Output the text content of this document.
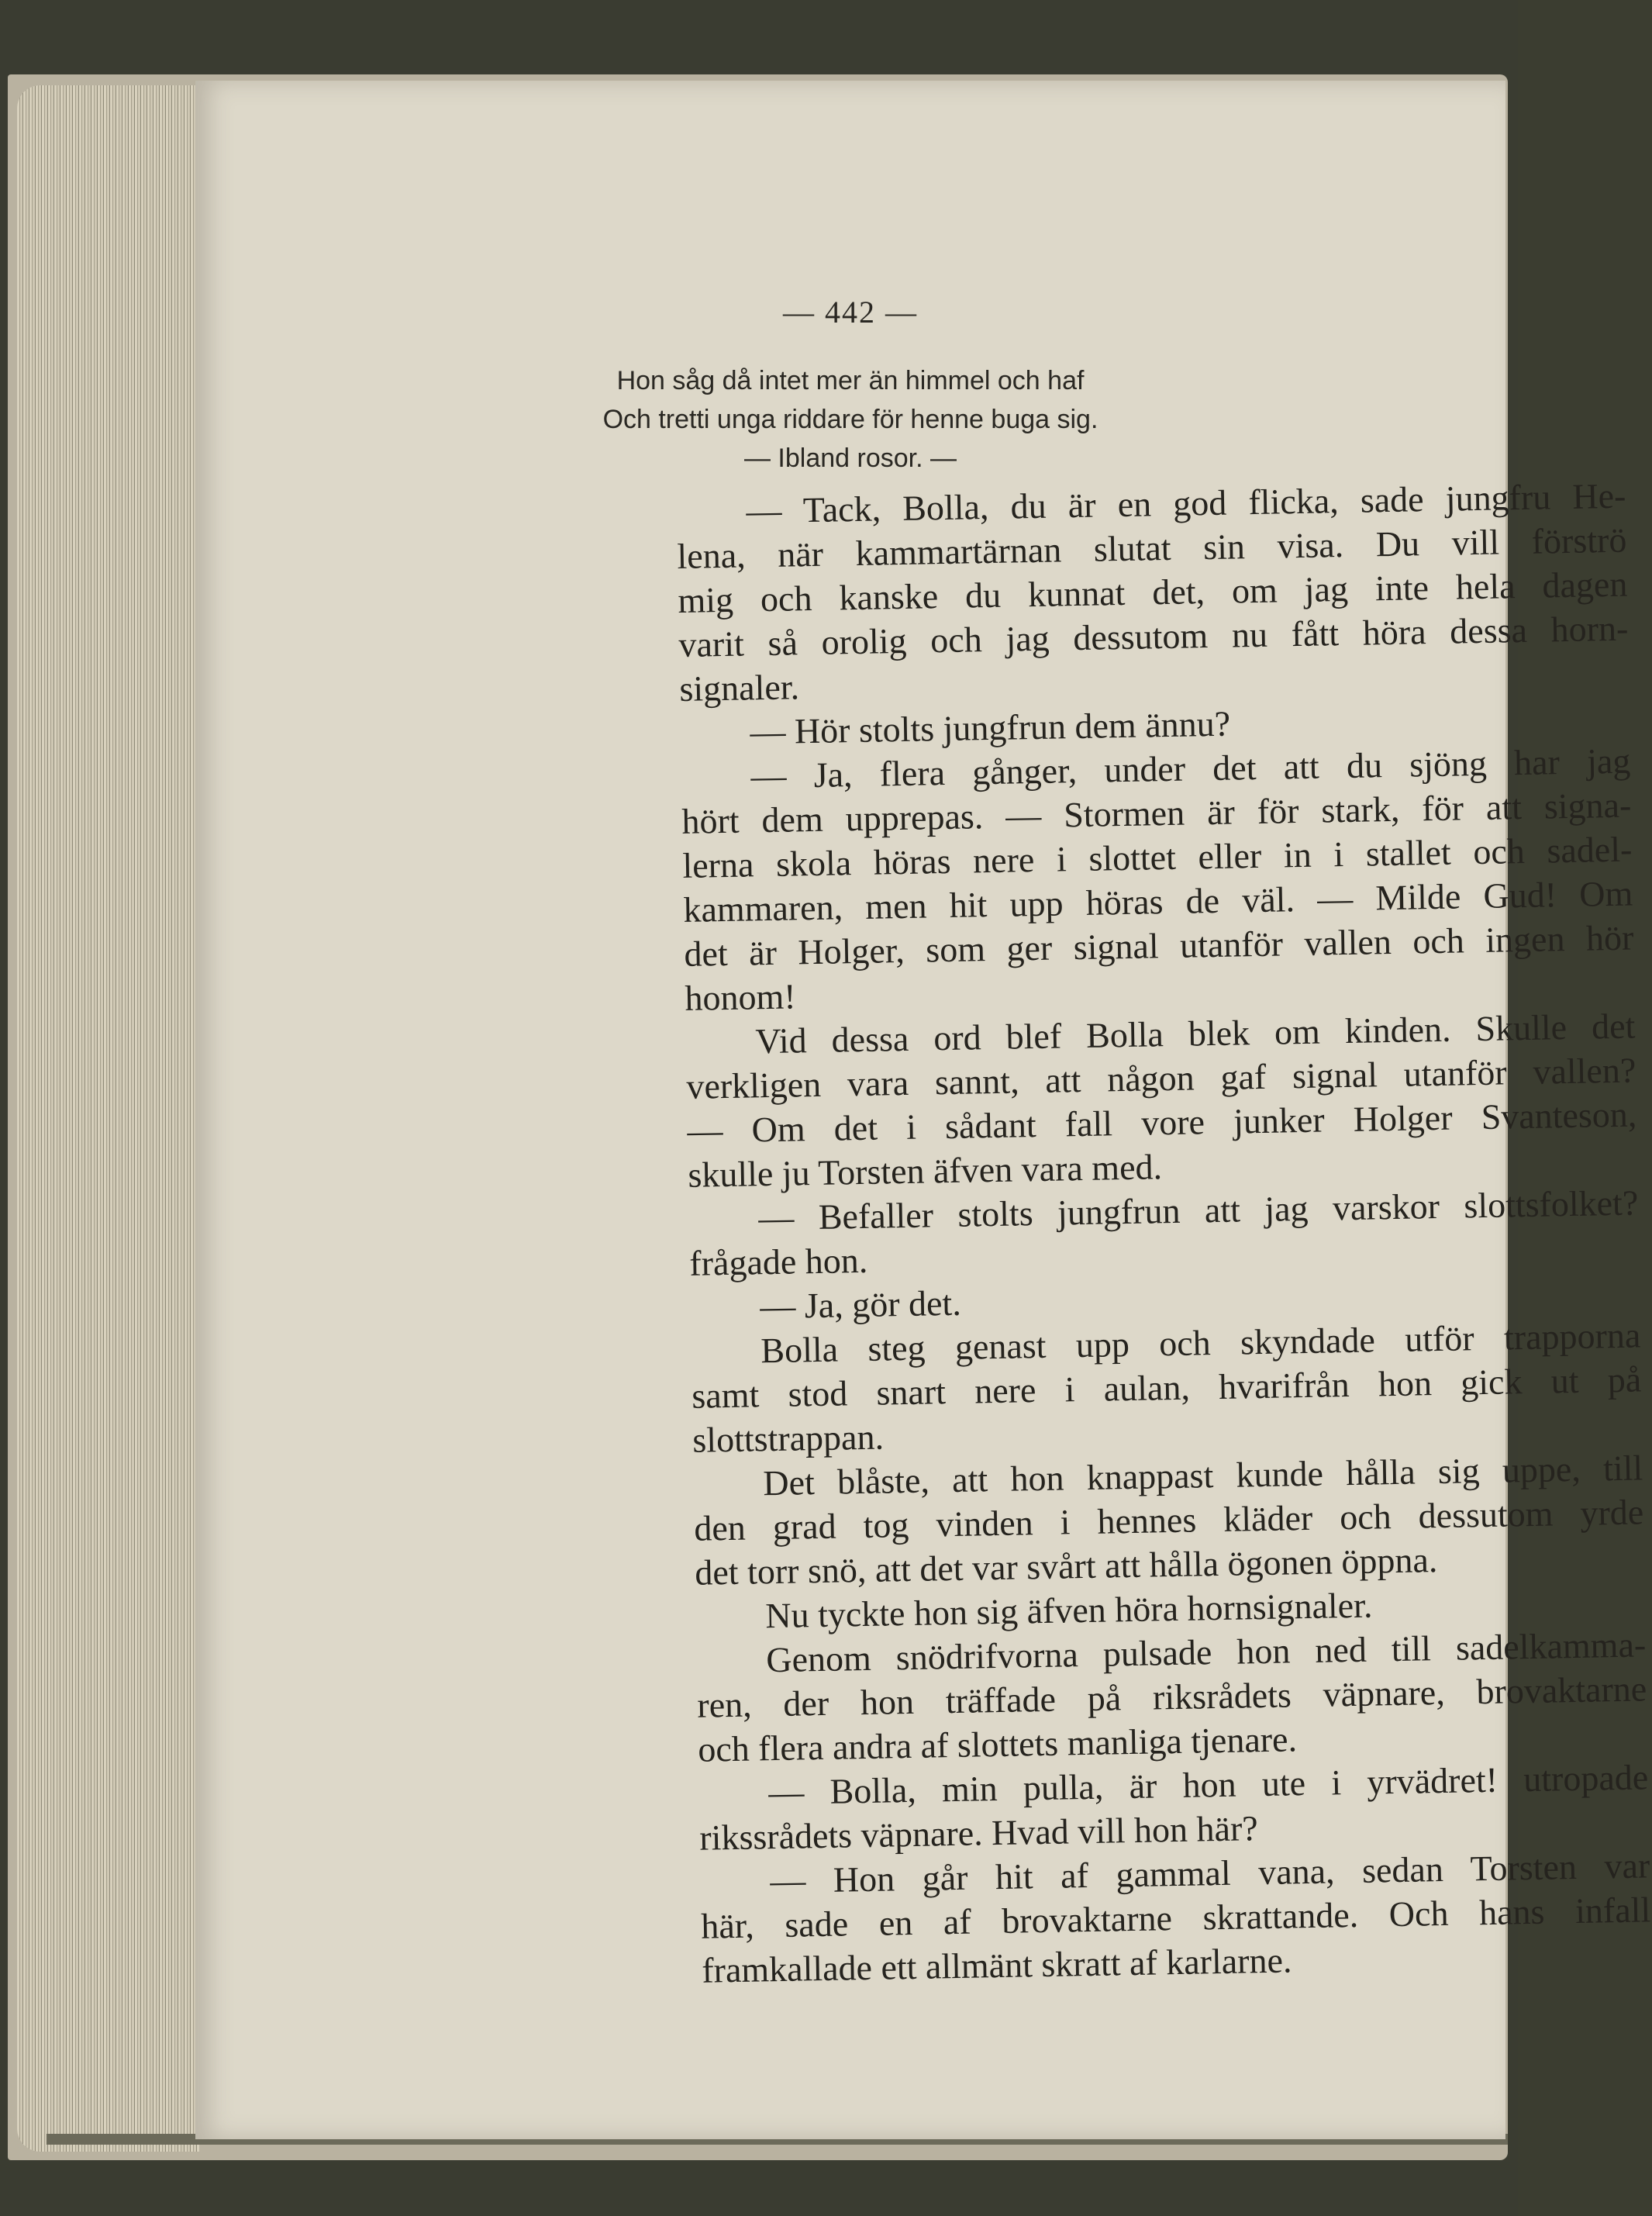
— 442 —
Hon såg då intet mer än himmel och haf
Och tretti unga riddare för henne buga sig.
— Ibland rosor. —
— Tack, Bolla, du är en god flicka, sade jungfru He-
lena, när kammartärnan slutat sin visa. Du vill förströ
mig och kanske du kunnat det, om jag inte hela dagen
varit så orolig och jag dessutom nu fått höra dessa horn-
signaler.
— Hör stolts jungfrun dem ännu?
— Ja, flera gånger, under det att du sjöng har jag
hört dem upprepas. — Stormen är för stark, för att signa-
lerna skola höras nere i slottet eller in i stallet och sadel-
kammaren, men hit upp höras de väl. — Milde Gud! Om
det är Holger, som ger signal utanför vallen och ingen hör
honom!
Vid dessa ord blef Bolla blek om kinden. Skulle det
verkligen vara sannt, att någon gaf signal utanför vallen?
— Om det i sådant fall vore junker Holger Svanteson,
skulle ju Torsten äfven vara med.
— Befaller stolts jungfrun att jag varskor slottsfolket?
frågade hon.
— Ja, gör det.
Bolla steg genast upp och skyndade utför trapporna
samt stod snart nere i aulan, hvarifrån hon gick ut på
slottstrappan.
Det blåste, att hon knappast kunde hålla sig uppe, till
den grad tog vinden i hennes kläder och dessutom yrde
det torr snö, att det var svårt att hålla ögonen öppna.
Nu tyckte hon sig äfven höra hornsignaler.
Genom snödrifvorna pulsade hon ned till sadelkamma-
ren, der hon träffade på riksrådets väpnare, brovaktarne
och flera andra af slottets manliga tjenare.
— Bolla, min pulla, är hon ute i yrvädret! utropade
rikssrådets väpnare. Hvad vill hon här?
— Hon går hit af gammal vana, sedan Torsten var
här, sade en af brovaktarne skrattande. Och hans infall
framkallade ett allmänt skratt af karlarne.
